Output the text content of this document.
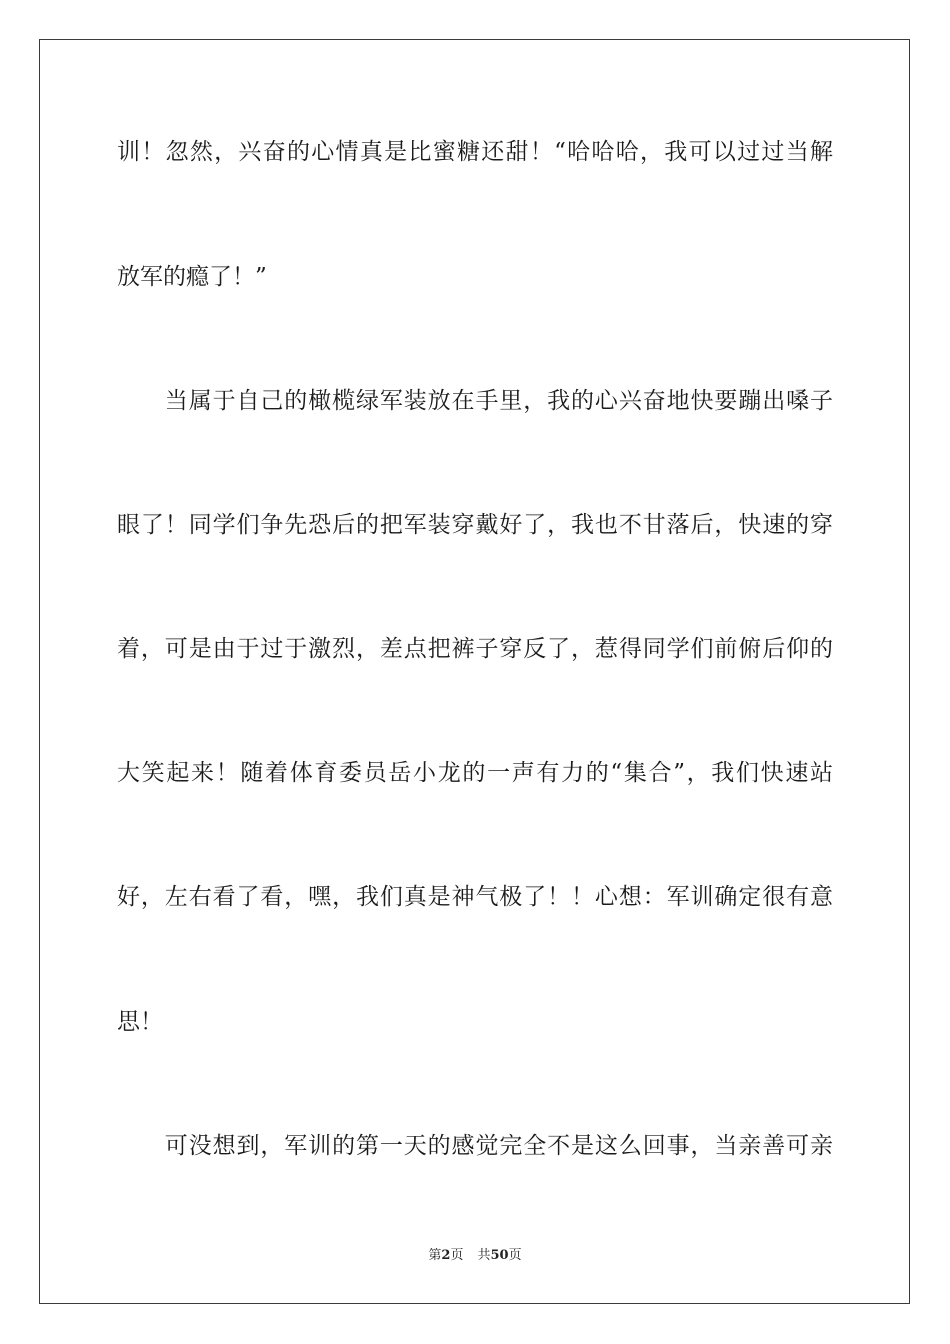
训！忽然，兴奋的心情真是比蜜糖还甜！“哈哈哈，我可以过过当解
放军的瘾了！”
　　当属于自己的橄榄绿军装放在手里，我的心兴奋地快要蹦出嗓子
眼了！同学们争先恐后的把军装穿戴好了，我也不甘落后，快速的穿
着，可是由于过于激烈，差点把裤子穿反了，惹得同学们前俯后仰的
大笑起来！随着体育委员岳小龙的一声有力的“集合”，我们快速站
好，左右看了看，嘿，我们真是神气极了！！心想：军训确定很有意
思！
　　可没想到，军训的第一天的感觉完全不是这么回事，当亲善可亲
第2页 共50页
